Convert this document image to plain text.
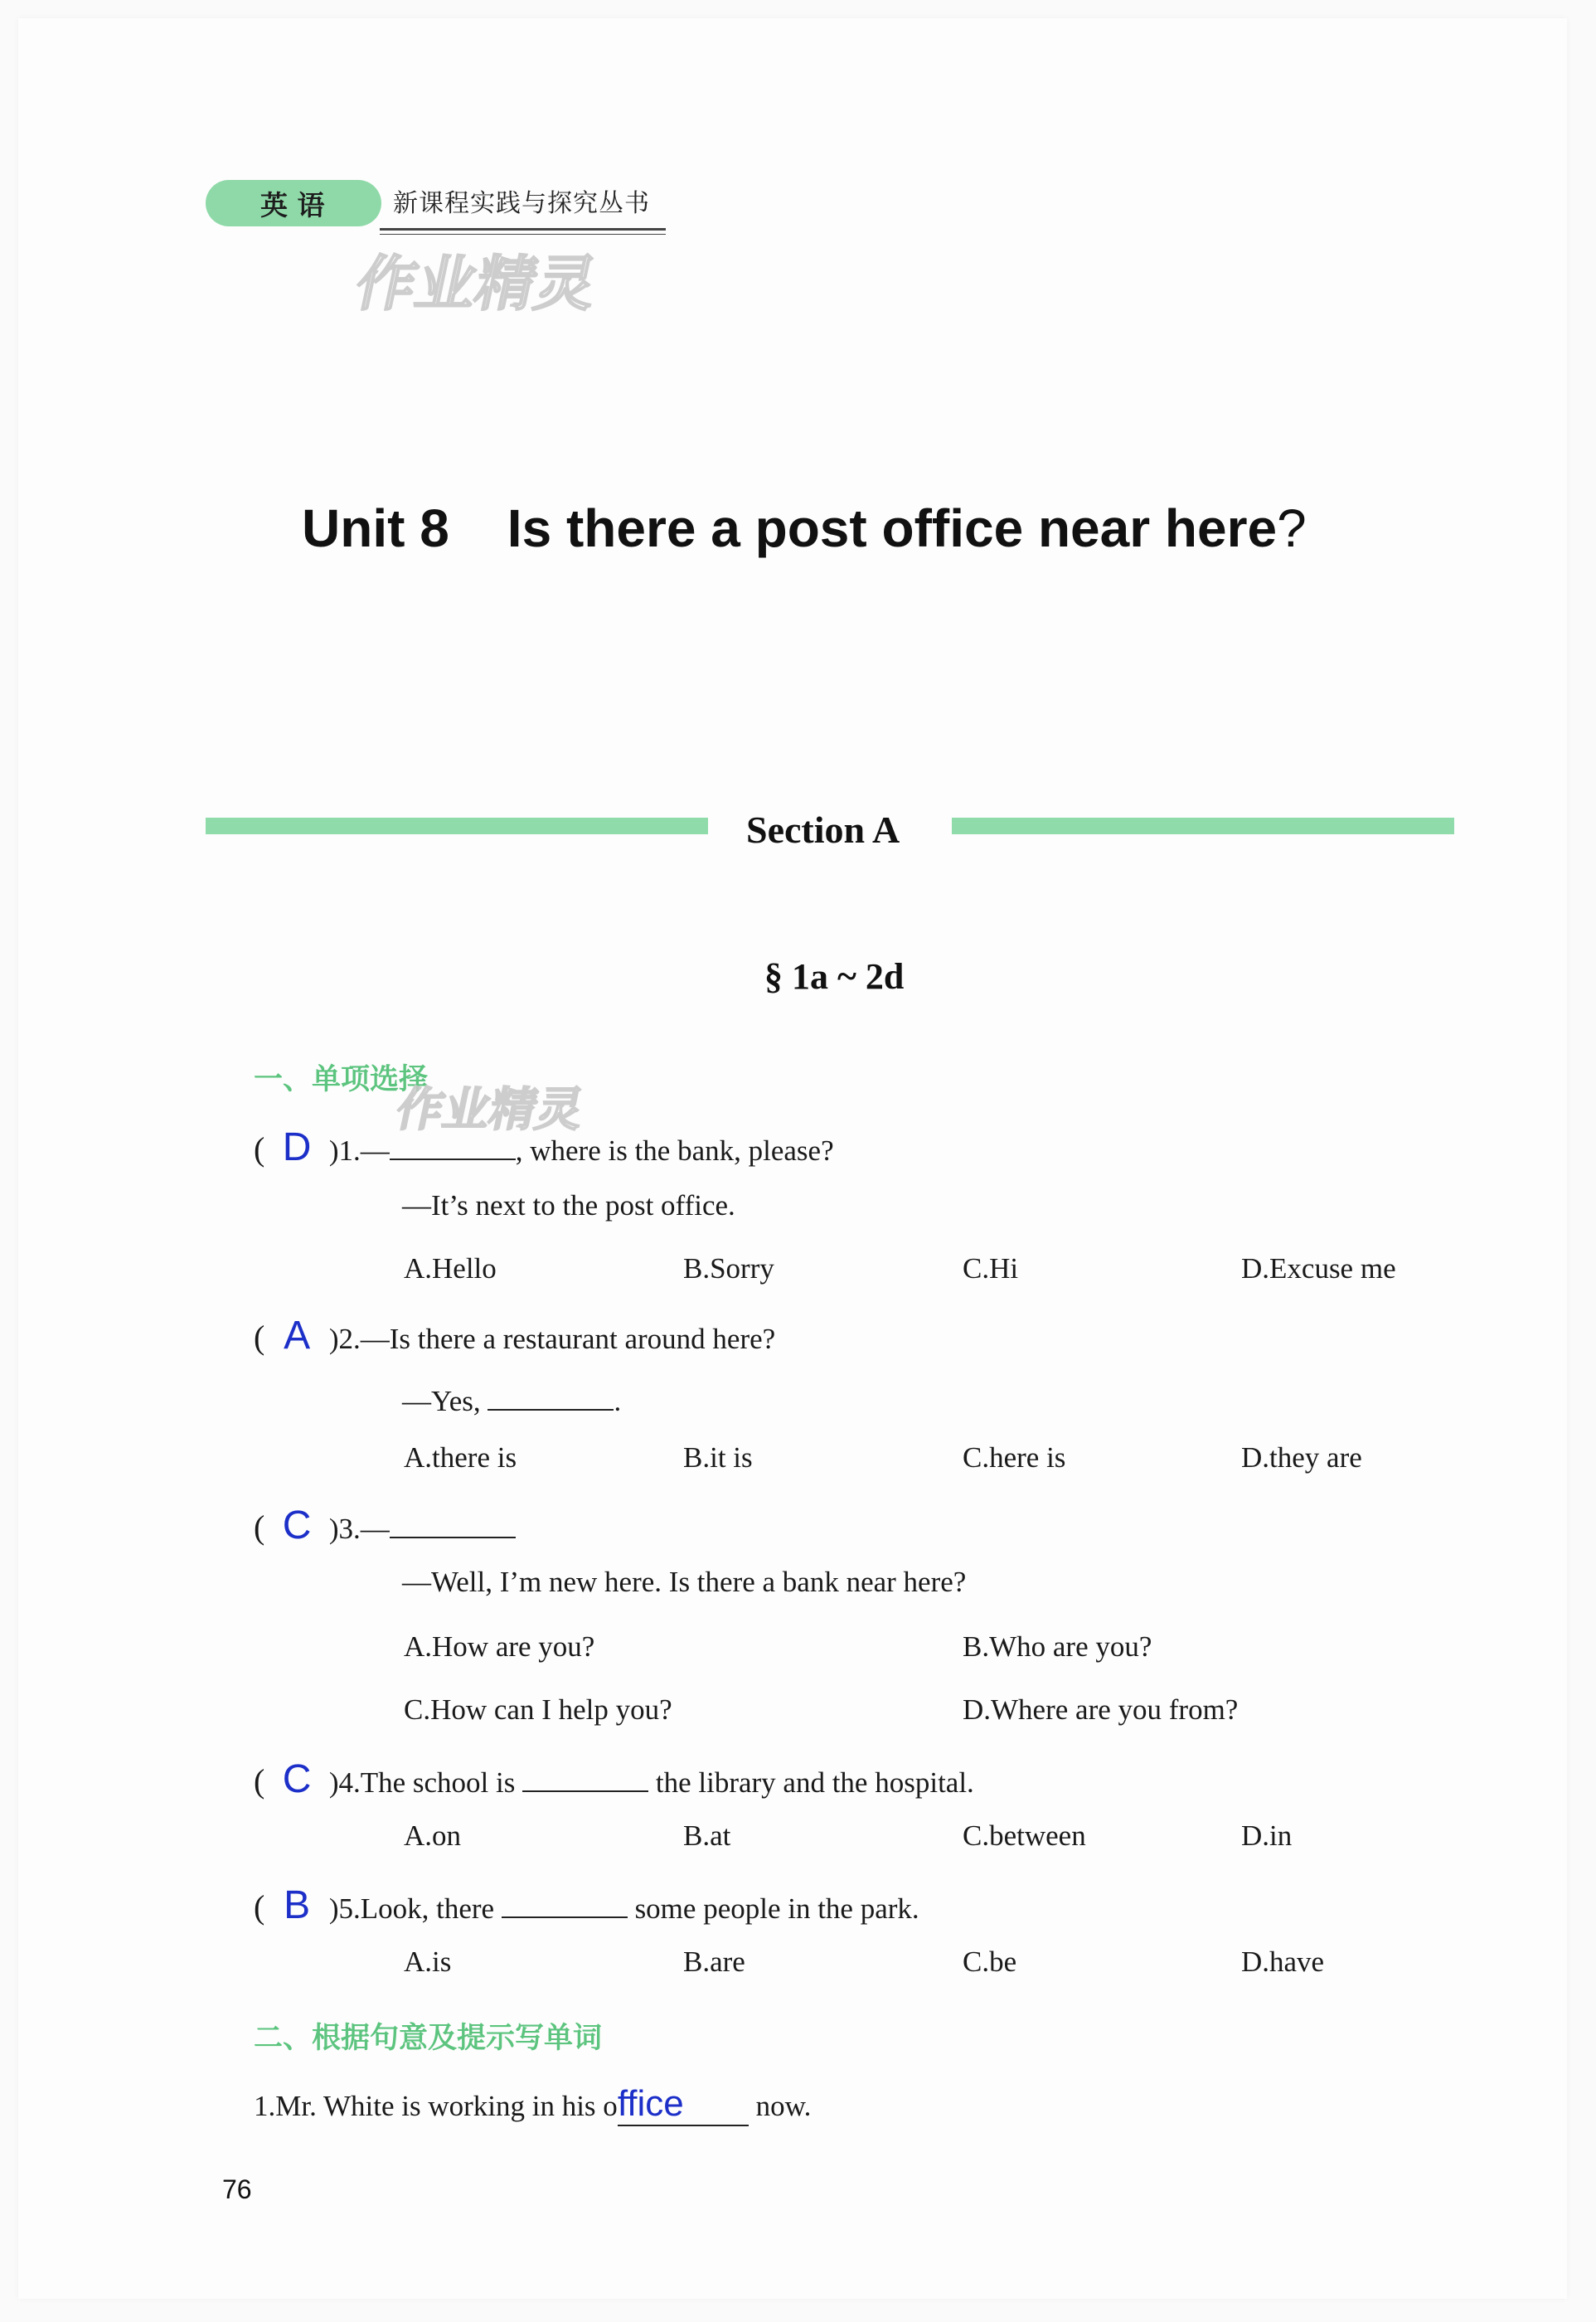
英 语	新课程实践与探究丛书
作业精灵
Unit 8 Is there a post office near here?
Section A
§ 1a ~ 2d
一、单项选择
作业精灵
( D )1.—	, where is the bank, please?
—It’s next to the post office.
A.Hello	B.Sorry	C.Hi	D.Excuse me
( A )2.—Is there a restaurant around here?
—Yes,	.
A.there is	B.it is	C.here is	D.they are
( C )3.—
—Well, I’m new here. Is there a bank near here?
A.How are you?	B.Who are you?
C.How can I help you?	D.Where are you from?
( C )4.The school is	the library and the hospital.
A.on	B.at	C.between	D.in
( B )5.Look, there	some people in the park.
A.is	B.are	C.be	D.have
二、根据句意及提示写单词
1.Mr. White is working in his office now.
76
